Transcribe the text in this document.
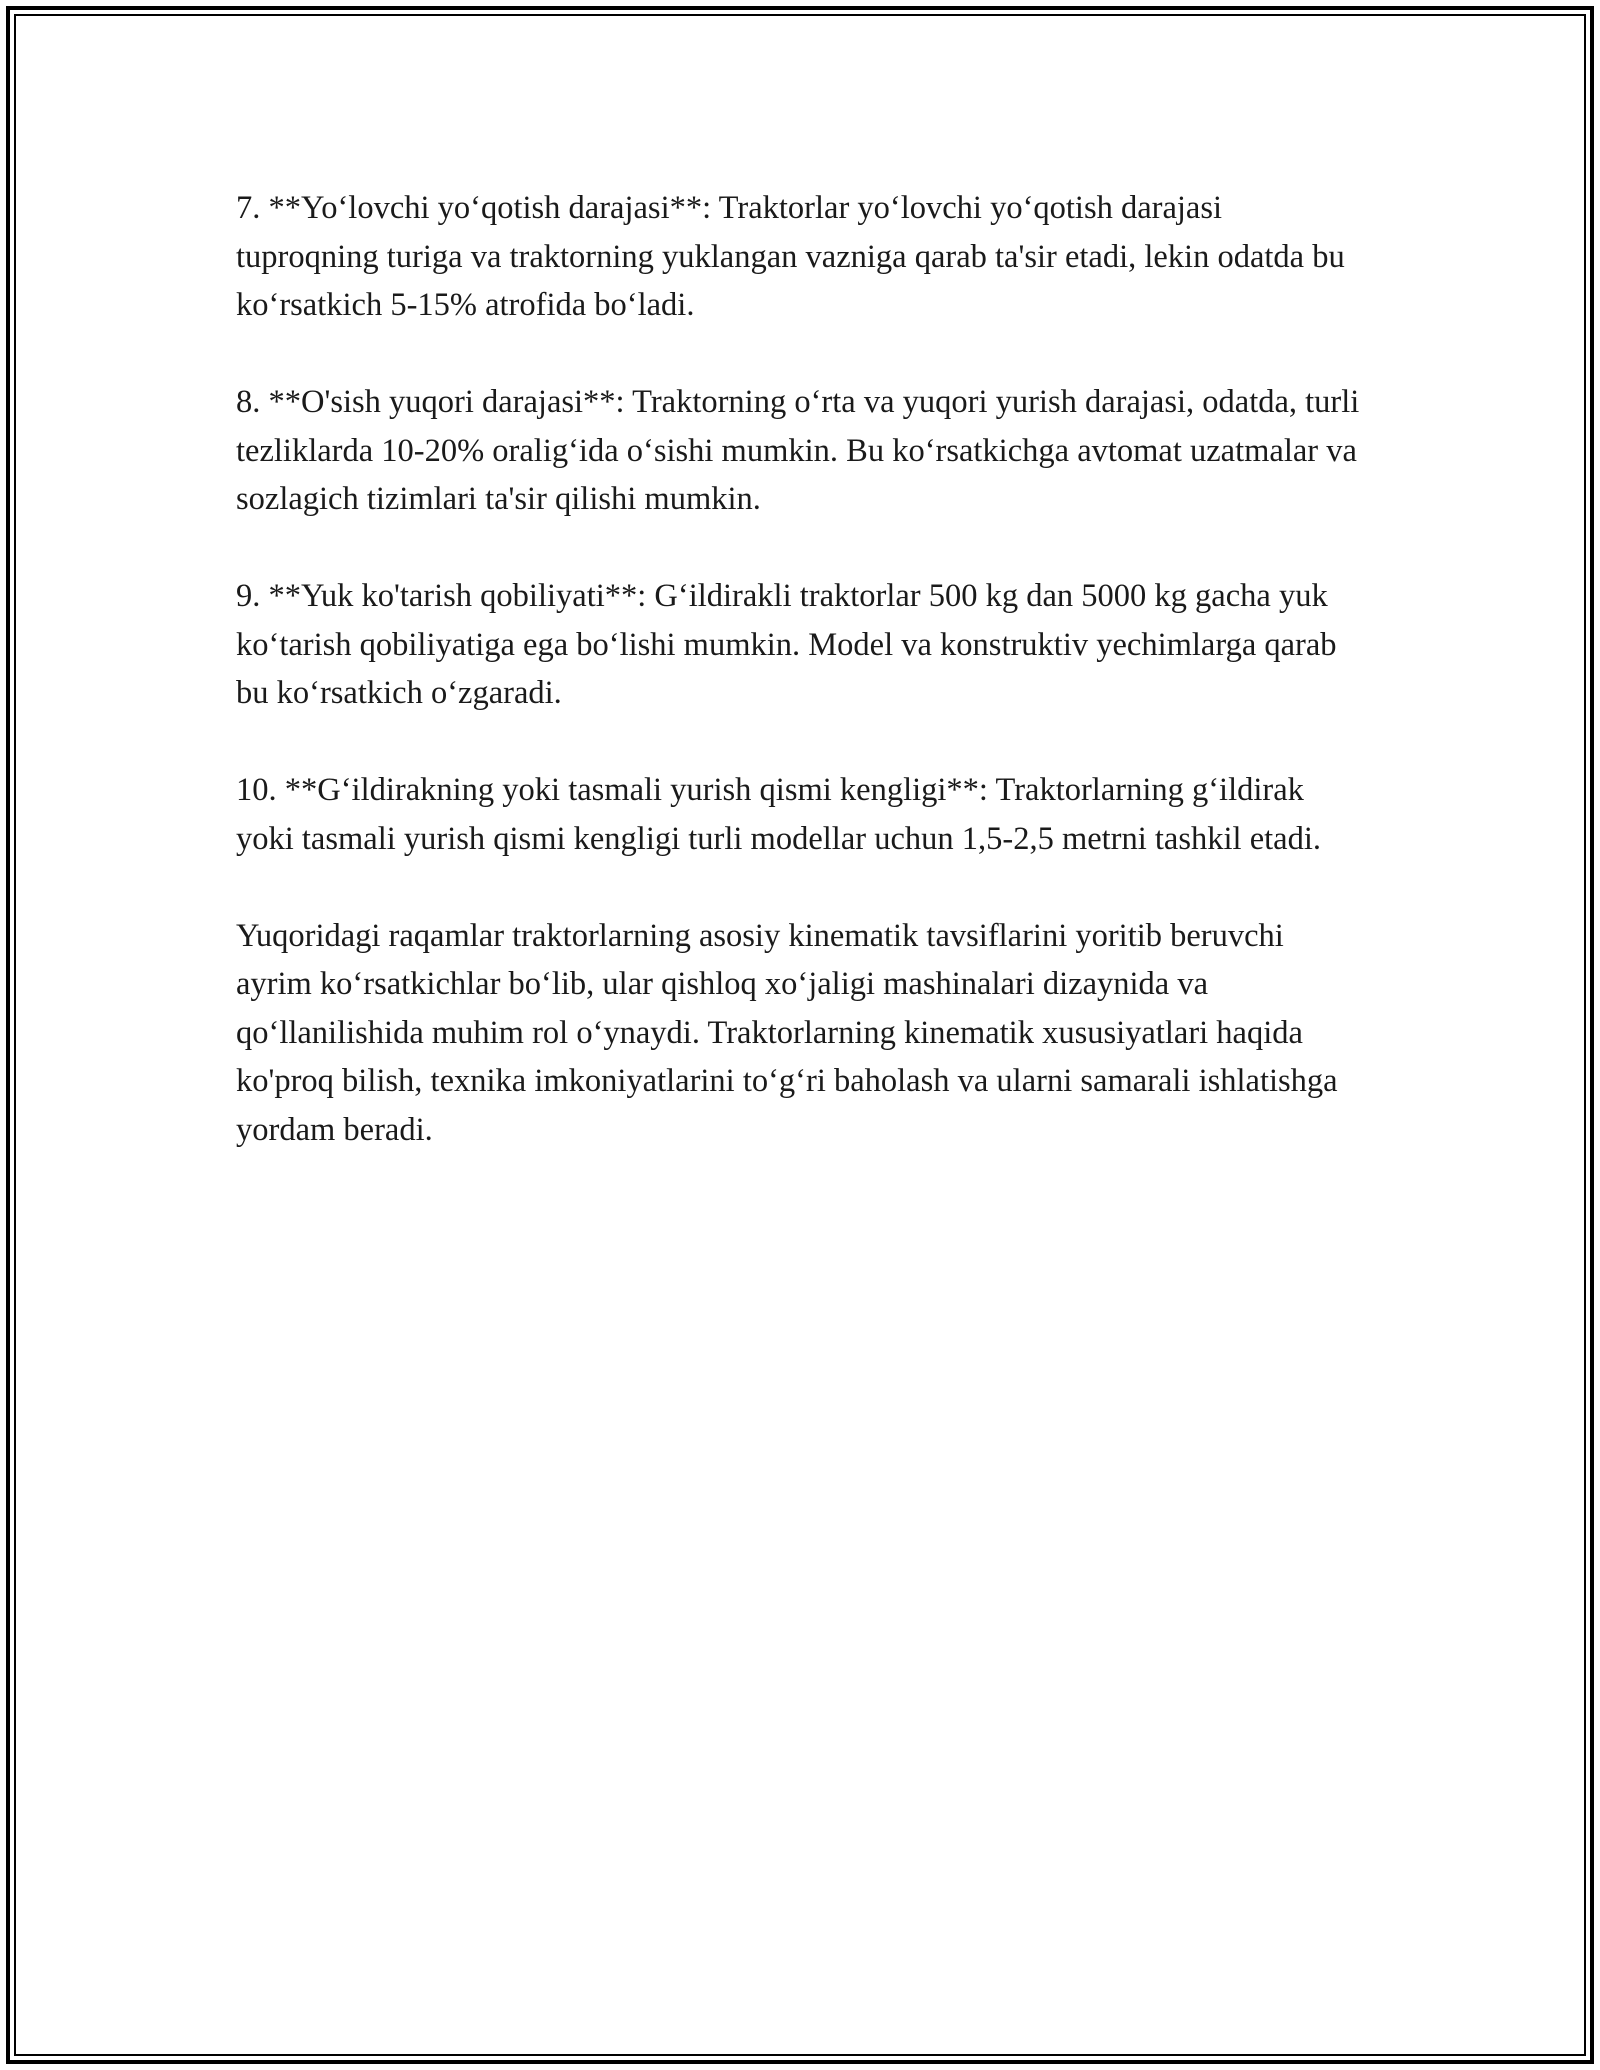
7. **Yo‘lovchi yo‘qotish darajasi**: Traktorlar yo‘lovchi yo‘qotish darajasi tuproqning turiga va traktorning yuklangan vazniga qarab ta'sir etadi, lekin odatda bu ko‘rsatkich 5-15% atrofida bo‘ladi.

8. **O'sish yuqori darajasi**: Traktorning o‘rta va yuqori yurish darajasi, odatda, turli tezliklarda 10-20% oralig‘ida o‘sishi mumkin. Bu ko‘rsatkichga avtomat uzatmalar va sozlagich tizimlari ta'sir qilishi mumkin.

9. **Yuk ko'tarish qobiliyati**: G‘ildirakli traktorlar 500 kg dan 5000 kg gacha yuk ko‘tarish qobiliyatiga ega bo‘lishi mumkin. Model va konstruktiv yechimlarga qarab bu ko‘rsatkich o‘zgaradi.

10. **G‘ildirakning yoki tasmali yurish qismi kengligi**: Traktorlarning g‘ildirak yoki tasmali yurish qismi kengligi turli modellar uchun 1,5-2,5 metrni tashkil etadi.

Yuqoridagi raqamlar traktorlarning asosiy kinematik tavsiflarini yoritib beruvchi ayrim ko‘rsatkichlar bo‘lib, ular qishloq xo‘jaligi mashinalari dizaynida va qo‘llanilishida muhim rol o‘ynaydi. Traktorlarning kinematik xususiyatlari haqida ko'proq bilish, texnika imkoniyatlarini to‘g‘ri baholash va ularni samarali ishlatishga yordam beradi.
